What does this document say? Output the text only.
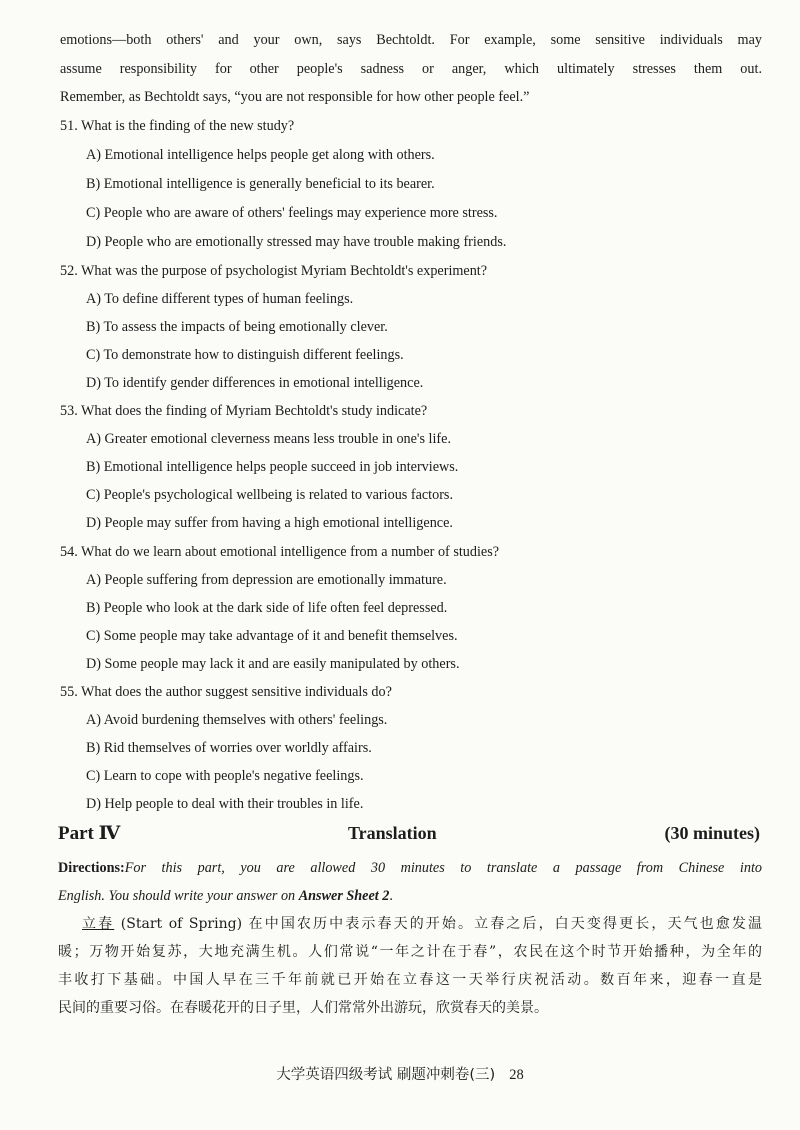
emotions—both others' and your own, says Bechtoldt. For example, some sensitive individuals may
assume responsibility for other people's sadness or anger, which ultimately stresses them out.
Remember, as Bechtoldt says, “you are not responsible for how other people feel.”
51. What is the finding of the new study?
A) Emotional intelligence helps people get along with others.
B) Emotional intelligence is generally beneficial to its bearer.
C) People who are aware of others' feelings may experience more stress.
D) People who are emotionally stressed may have trouble making friends.
52. What was the purpose of psychologist Myriam Bechtoldt's experiment?
A) To define different types of human feelings.
B) To assess the impacts of being emotionally clever.
C) To demonstrate how to distinguish different feelings.
D) To identify gender differences in emotional intelligence.
53. What does the finding of Myriam Bechtoldt's study indicate?
A) Greater emotional cleverness means less trouble in one's life.
B) Emotional intelligence helps people succeed in job interviews.
C) People's psychological wellbeing is related to various factors.
D) People may suffer from having a high emotional intelligence.
54. What do we learn about emotional intelligence from a number of studies?
A) People suffering from depression are emotionally immature.
B) People who look at the dark side of life often feel depressed.
C) Some people may take advantage of it and benefit themselves.
D) Some people may lack it and are easily manipulated by others.
55. What does the author suggest sensitive individuals do?
A) Avoid burdening themselves with others' feelings.
B) Rid themselves of worries over worldly affairs.
C) Learn to cope with people's negative feelings.
D) Help people to deal with their troubles in life.
Part Ⅳ	Translation	(30 minutes)
Directions:For this part, you are allowed 30 minutes to translate a passage from Chinese into
English. You should write your answer on Answer Sheet 2.
立春 (Start of Spring) 在中国农历中表示春天的开始。立春之后，白天变得更长，天气也愈发温
暖；万物开始复苏，大地充满生机。人们常说“一年之计在于春”，农民在这个时节开始播种，为全年的
丰收打下基础。中国人早在三千年前就已开始在立春这一天举行庆祝活动。数百年来，迎春一直是
民间的重要习俗。在春暖花开的日子里，人们常常外出游玩，欣赏春天的美景。
大学英语四级考试 刷题冲刺卷(三) 28
